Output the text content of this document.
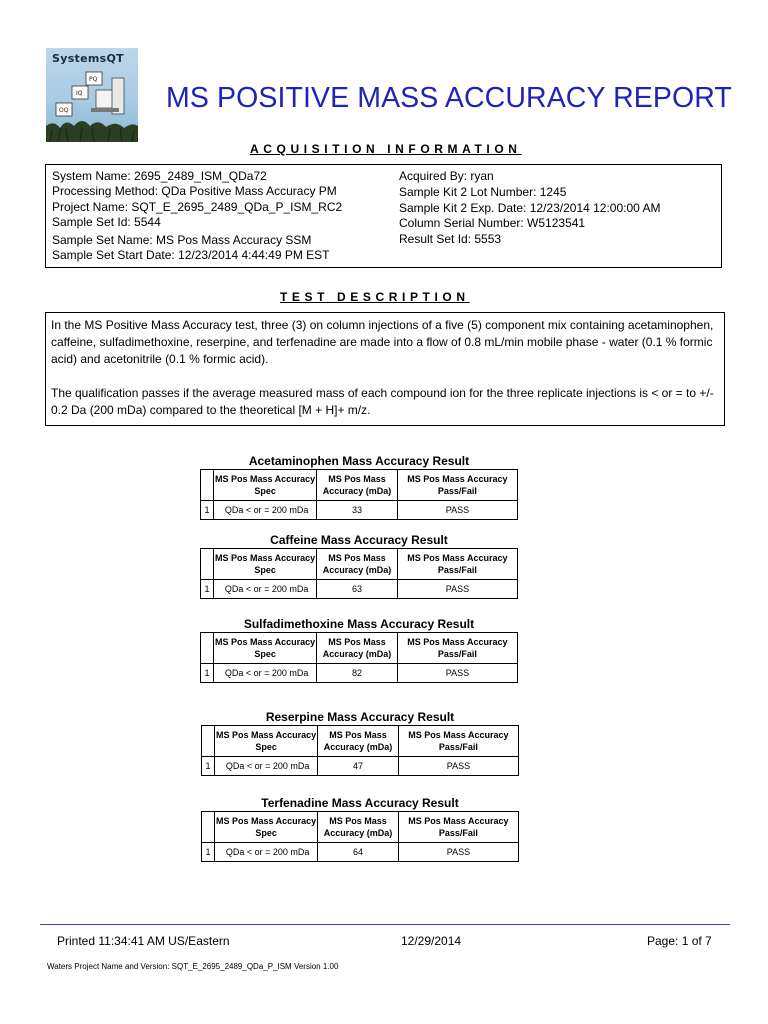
SystemsQT
PQ
IQ
OQ	MS POSITIVE MASS ACCURACY REPORT
ACQUISITION INFORMATION
System Name: 2695_2489_ISM_QDa72
Processing Method: QDa Positive Mass Accuracy PM
Project Name: SQT_E_2695_2489_QDa_P_ISM_RC2
Sample Set Id: 5544
Sample Set Name: MS Pos Mass Accuracy SSM
Sample Set Start Date: 12/23/2014 4:44:49 PM EST
Acquired By: ryan
Sample Kit 2 Lot Number: 1245
Sample Kit 2 Exp. Date: 12/23/2014 12:00:00 AM
Column Serial Number: W5123541
Result Set Id: 5553
TEST DESCRIPTION

In the MS Positive Mass Accuracy test, three (3) on column injections of a five (5) component mix containing acetaminophen, caffeine, sulfadimethoxine, reserpine, and terfenadine are made into a flow of 0.8 mL/min mobile phase - water (0.1 % formic acid) and acetonitrile (0.1 % formic acid).

The qualification passes if the average measured mass of each compound ion for the three replicate injections is < or = to +/- 0.2 Da (200 mDa) compared to the theoretical [M + H]+ m/z.

Acetaminophen Mass Accuracy Result
	MS Pos Mass Accuracy Spec	MS Pos Mass Accuracy (mDa)	MS Pos Mass Accuracy Pass/Fail
1	QDa < or = 200 mDa	33	PASS
Caffeine Mass Accuracy Result
	MS Pos Mass Accuracy Spec	MS Pos Mass Accuracy (mDa)	MS Pos Mass Accuracy Pass/Fail
1	QDa < or = 200 mDa	63	PASS
Sulfadimethoxine Mass Accuracy Result
	MS Pos Mass Accuracy Spec	MS Pos Mass Accuracy (mDa)	MS Pos Mass Accuracy Pass/Fail
1	QDa < or = 200 mDa	82	PASS
Reserpine Mass Accuracy Result
	MS Pos Mass Accuracy Spec	MS Pos Mass Accuracy (mDa)	MS Pos Mass Accuracy Pass/Fail
1	QDa < or = 200 mDa	47	PASS
Terfenadine Mass Accuracy Result
	MS Pos Mass Accuracy Spec	MS Pos Mass Accuracy (mDa)	MS Pos Mass Accuracy Pass/Fail
1	QDa < or = 200 mDa	64	PASS
Printed 11:34:41 AM US/Eastern	12/29/2014	Page: 1 of 7
Waters Project Name and Version: SQT_E_2695_2489_QDa_P_ISM Version 1.00
